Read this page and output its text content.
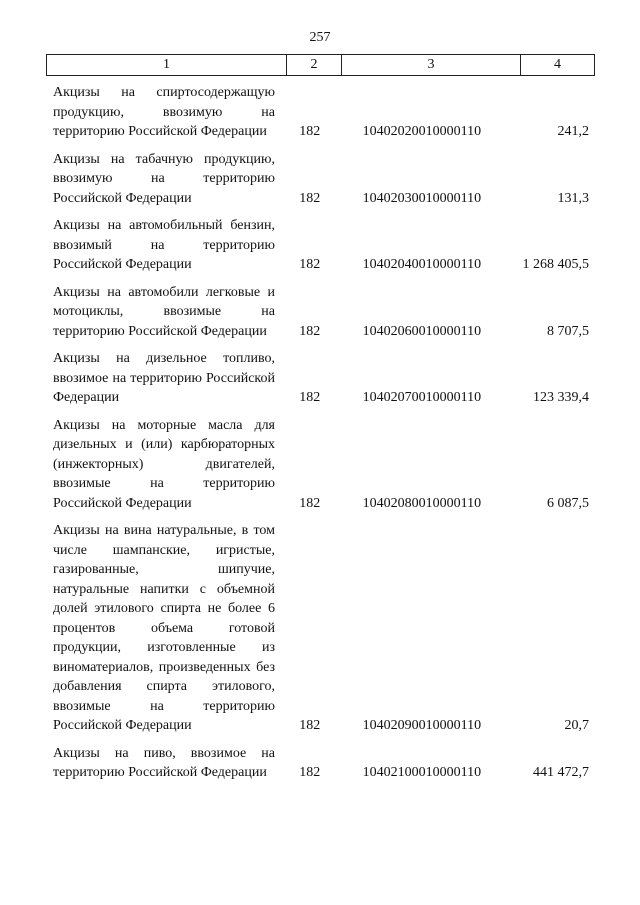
257
1	2	3	4
Акцизы на спиртосодержащую продукцию, ввозимую на территорию Российской Федерации	182	10402020010000110	241,2

Акцизы на табачную продукцию, ввозимую на территорию Российской Федерации	182	10402030010000110	131,3

Акцизы на автомобильный бензин, ввозимый на территорию Российской Федерации	182	10402040010000110	1 268 405,5

Акцизы на автомобили легковые и мотоциклы, ввозимые на территорию Российской Федерации	182	10402060010000110	8 707,5

Акцизы на дизельное топливо, ввозимое на территорию Российской Федерации	182	10402070010000110	123 339,4

Акцизы на моторные масла для дизельных и (или) карбюраторных (инжекторных) двигателей, ввозимые на территорию Российской Федерации	182	10402080010000110	6 087,5

Акцизы на вина натуральные, в том числе шампанские, игристые, газированные, шипучие, натуральные напитки с объемной долей этилового спирта не более 6 процентов объема готовой продукции, изготовленные из виноматериалов, произведенных без добавления спирта этилового, ввозимые на территорию Российской Федерации	182	10402090010000110	20,7

Акцизы на пиво, ввозимое на территорию Российской Федерации	182	10402100010000110	441 472,7
